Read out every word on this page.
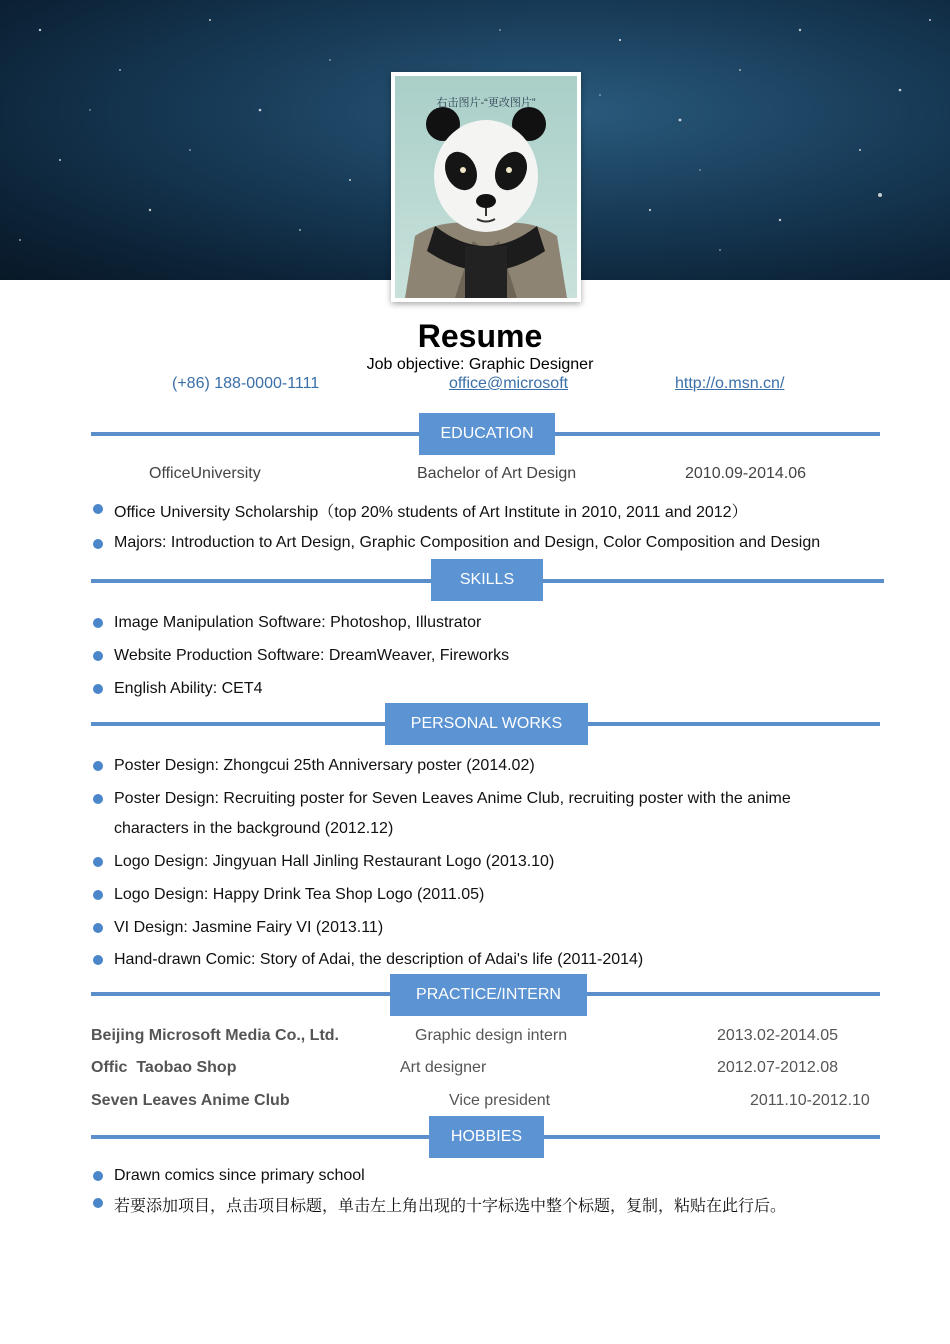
右击图片-“更改图片”
Resume
Job objective: Graphic Designer
(+86) 188-0000-1111	office@microsoft	http://o.msn.cn/
EDUCATION
OfficeUniversity	Bachelor of Art Design	2010.09-2014.06
Office University Scholarship（top 20% students of Art Institute in 2010, 2011 and 2012）
Majors: Introduction to Art Design, Graphic Composition and Design, Color Composition and Design
SKILLS
Image Manipulation Software: Photoshop, Illustrator
Website Production Software: DreamWeaver, Fireworks
English Ability: CET4
PERSONAL WORKS
Poster Design: Zhongcui 25th Anniversary poster (2014.02)
Poster Design: Recruiting poster for Seven Leaves Anime Club, recruiting poster with the anime
characters in the background (2012.12)
Logo Design: Jingyuan Hall Jinling Restaurant Logo (2013.10)
Logo Design: Happy Drink Tea Shop Logo (2011.05)
VI Design: Jasmine Fairy VI (2013.11)
Hand-drawn Comic: Story of Adai, the description of Adai's life (2011-2014)
PRACTICE/INTERN
Beijing Microsoft Media Co., Ltd.	Graphic design intern	2013.02-2014.05
Offic  Taobao Shop	Art designer	2012.07-2012.08
Seven Leaves Anime Club	Vice president	2011.10-2012.10
HOBBIES
Drawn comics since primary school
若要添加项目，点击项目标题，单击左上角出现的十字标选中整个标题，复制，粘贴在此行后。
